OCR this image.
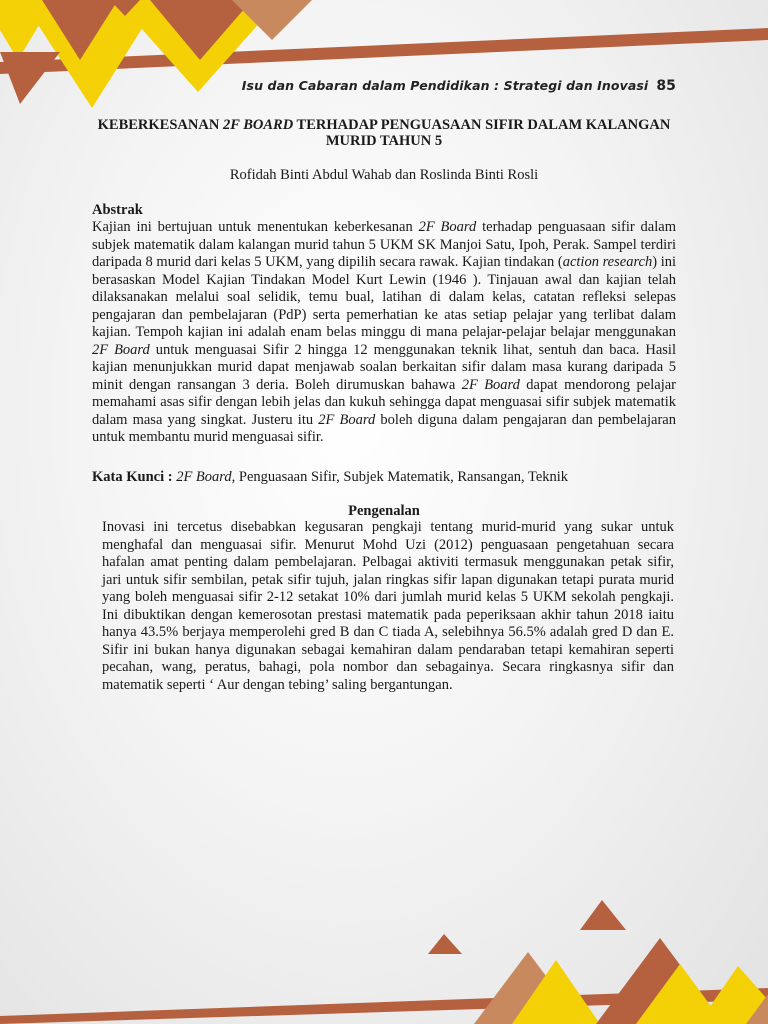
Isu dan Cabaran dalam Pendidikan : Strategi dan Inovasi 85
KEBERKESANAN 2F BOARD TERHADAP PENGUASAAN SIFIR DALAM KALANGAN MURID TAHUN 5
Rofidah Binti Abdul Wahab dan Roslinda Binti Rosli
Abstrak
Kajian ini bertujuan untuk menentukan keberkesanan 2F Board terhadap penguasaan sifir dalam subjek matematik dalam kalangan murid tahun 5 UKM SK Manjoi Satu, Ipoh, Perak. Sampel terdiri daripada 8 murid dari kelas 5 UKM, yang dipilih secara rawak. Kajian tindakan (action research) ini berasaskan Model Kajian Tindakan Model Kurt Lewin (1946 ). Tinjauan awal dan kajian telah dilaksanakan melalui soal selidik, temu bual, latihan di dalam kelas, catatan refleksi selepas pengajaran dan pembelajaran (PdP) serta pemerhatian ke atas setiap pelajar yang terlibat dalam kajian. Tempoh kajian ini adalah enam belas minggu di mana pelajar-pelajar belajar menggunakan 2F Board untuk menguasai Sifir 2 hingga 12 menggunakan teknik lihat, sentuh dan baca. Hasil kajian menunjukkan murid dapat menjawab soalan berkaitan sifir dalam masa kurang daripada 5 minit dengan ransangan 3 deria. Boleh dirumuskan bahawa 2F Board dapat mendorong pelajar memahami asas sifir dengan lebih jelas dan kukuh sehingga dapat menguasai sifir subjek matematik dalam masa yang singkat. Justeru itu 2F Board boleh diguna dalam pengajaran dan pembelajaran untuk membantu murid menguasai sifir.
Kata Kunci : 2F Board, Penguasaan Sifir, Subjek Matematik, Ransangan, Teknik
Pengenalan
Inovasi ini tercetus disebabkan kegusaran pengkaji tentang murid-murid yang sukar untuk menghafal dan menguasai sifir. Menurut Mohd Uzi (2012) penguasaan pengetahuan secara hafalan amat penting dalam pembelajaran. Pelbagai aktiviti termasuk menggunakan petak sifir, jari untuk sifir sembilan, petak sifir tujuh, jalan ringkas sifir lapan digunakan tetapi purata murid yang boleh menguasai sifir 2-12 setakat 10% dari jumlah murid kelas 5 UKM sekolah pengkaji. Ini dibuktikan dengan kemerosotan prestasi matematik pada peperiksaan akhir tahun 2018 iaitu hanya 43.5% berjaya memperolehi gred B dan C tiada A, selebihnya 56.5% adalah gred D dan E. Sifir ini bukan hanya digunakan sebagai kemahiran dalam pendaraban tetapi kemahiran seperti pecahan, wang, peratus, bahagi, pola nombor dan sebagainya. Secara ringkasnya sifir dan matematik seperti ‘ Aur dengan tebing’ saling bergantungan.
